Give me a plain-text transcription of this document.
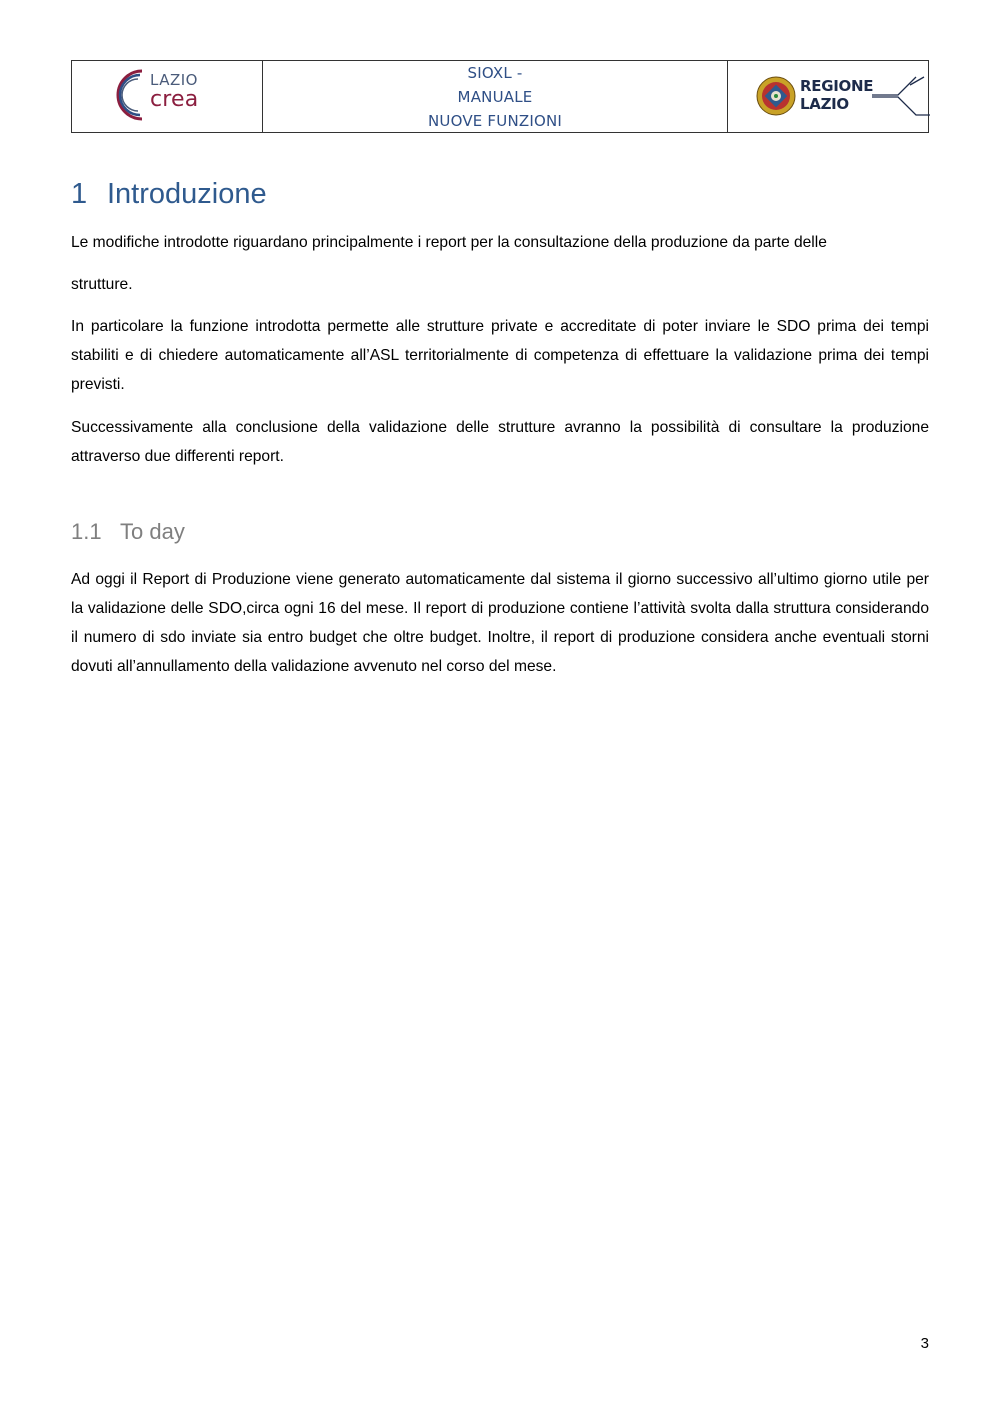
LAZIO
crea
SIOXL -
MANUALE
NUOVE FUNZIONI
REGIONE
LAZIO
1 Introduzione

Le modifiche introdotte riguardano principalmente i report per la consultazione della produzione da parte delle

strutture.

In particolare la funzione introdotta permette alle strutture private e accreditate di poter inviare le SDO prima dei tempi stabiliti e di chiedere automaticamente all’ASL territorialmente di competenza di effettuare la validazione prima dei tempi previsti.

Successivamente alla conclusione della validazione delle strutture avranno la possibilità di consultare la produzione attraverso due differenti report.

1.1 To day

Ad oggi il Report di Produzione viene generato automaticamente dal sistema il giorno successivo all’ultimo giorno utile per la validazione delle SDO,circa ogni 16 del mese. Il report di produzione contiene l’attività svolta dalla struttura considerando il numero di sdo inviate sia entro budget che oltre budget. Inoltre, il report di produzione considera anche eventuali storni dovuti all’annullamento della validazione avvenuto nel corso del mese.

3
